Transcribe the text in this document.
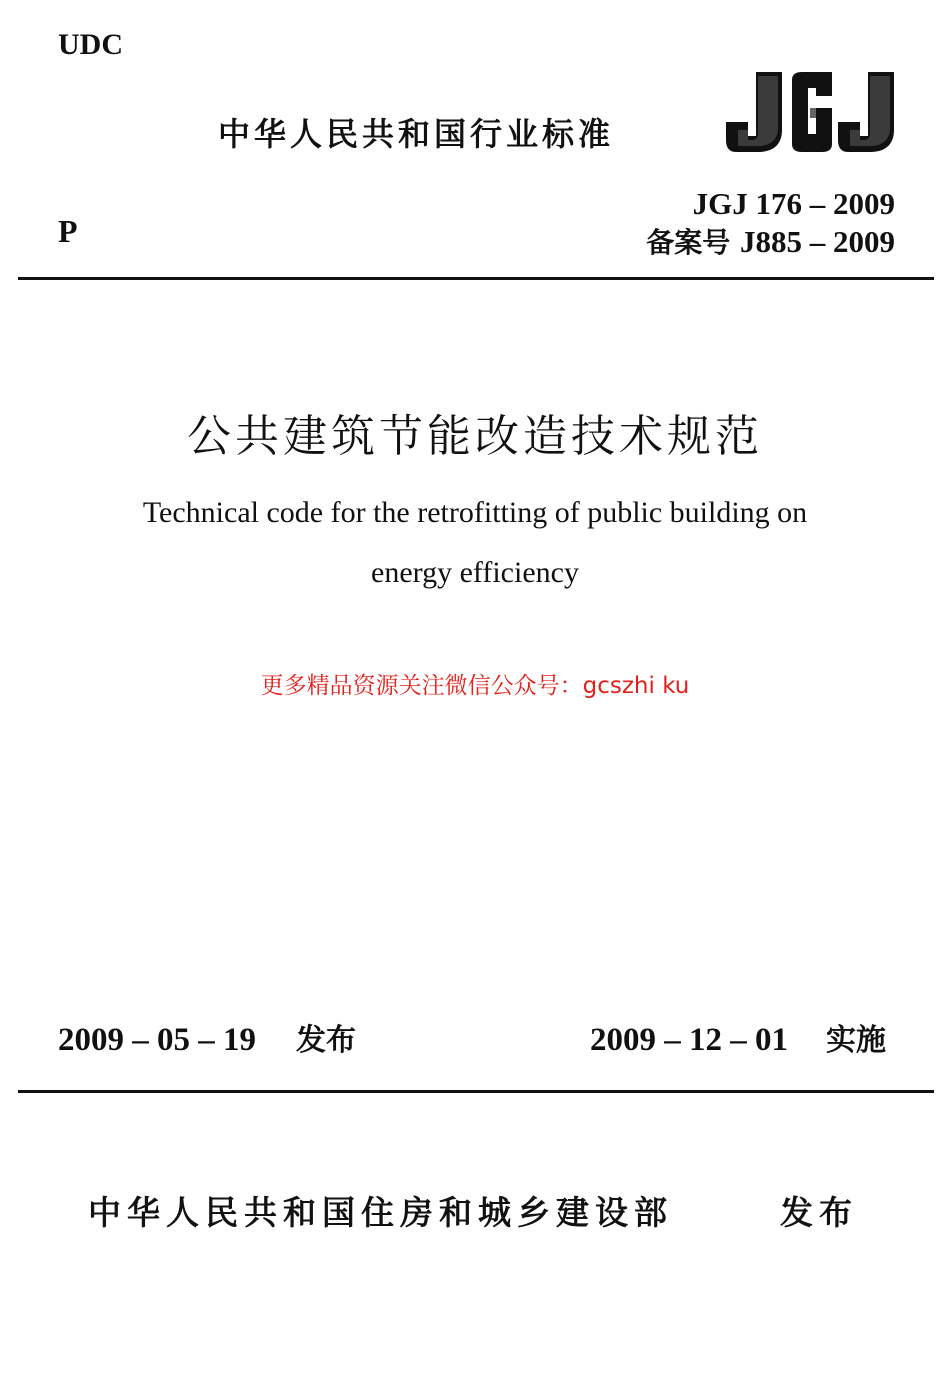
UDC
中华人民共和国行业标准
P
JGJ 176 – 2009
备案号 J885 – 2009
公共建筑节能改造技术规范
Technical code for the retrofitting of public building on
energy efficiency
更多精品资源关注微信公众号：gcszhi ku
2009 – 05 – 19 发布	2009 – 12 – 01 实施
中华人民共和国住房和城乡建设部	发布
